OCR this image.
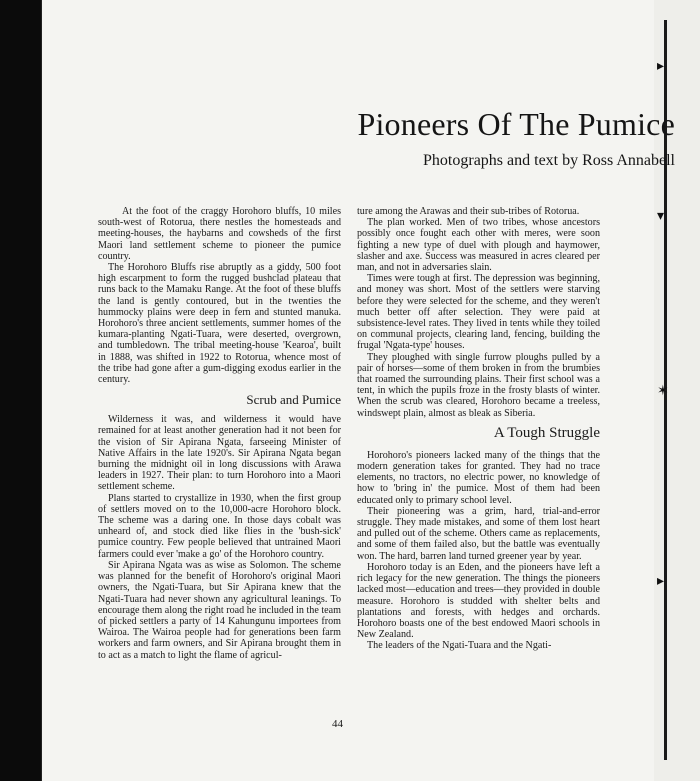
▸
▾
✶
▸
Pioneers Of The Pumice

Photographs and text by Ross Annabell

At the foot of the craggy Horohoro bluffs, 10 miles south-west of Rotorua, there nestles the homesteads and meeting-houses, the haybarns and cowsheds of the first Maori land settlement scheme to pioneer the pumice country.

The Horohoro Bluffs rise abruptly as a giddy, 500 foot high escarpment to form the rugged bushclad plateau that runs back to the Mamaku Range. At the foot of these bluffs the land is gently contoured, but in the twenties the hummocky plains were deep in fern and stunted manuka. Horohoro's three ancient settlements, summer homes of the kumara-planting Ngati-Tuara, were deserted, overgrown, and tumbledown. The tribal meeting-house 'Kearoa', built in 1888, was shifted in 1922 to Rotorua, whence most of the tribe had gone after a gum-digging exodus earlier in the century.

Scrub and Pumice

Wilderness it was, and wilderness it would have remained for at least another generation had it not been for the vision of Sir Apirana Ngata, farseeing Minister of Native Affairs in the late 1920's. Sir Apirana Ngata began burning the midnight oil in long discussions with Arawa leaders in 1927. Their plan: to turn Horohoro into a Maori settlement scheme.

Plans started to crystallize in 1930, when the first group of settlers moved on to the 10,000-acre Horohoro block. The scheme was a daring one. In those days cobalt was unheard of, and stock died like flies in the 'bush-sick' pumice country. Few people believed that untrained Maori farmers could ever 'make a go' of the Horohoro country.

Sir Apirana Ngata was as wise as Solomon. The scheme was planned for the benefit of Horohoro's original Maori owners, the Ngati-Tuara, but Sir Apirana knew that the Ngati-Tuara had never shown any agricultural leanings. To encourage them along the right road he included in the team of picked settlers a party of 14 Kahungunu importees from Wairoa. The Wairoa people had for generations been farm workers and farm owners, and Sir Apirana brought them in to act as a match to light the flame of agricul-

ture among the Arawas and their sub-tribes of Rotorua.

The plan worked. Men of two tribes, whose ancestors possibly once fought each other with meres, were soon fighting a new type of duel with plough and haymower, slasher and axe. Success was measured in acres cleared per man, and not in adversaries slain.

Times were tough at first. The depression was beginning, and money was short. Most of the settlers were starving before they were selected for the scheme, and they weren't much better off after selection. They were paid at subsistence-level rates. They lived in tents while they toiled on communal projects, clearing land, fencing, building the frugal 'Ngata-type' houses.

They ploughed with single furrow ploughs pulled by a pair of horses—some of them broken in from the brumbies that roamed the surrounding plains. Their first school was a tent, in which the pupils froze in the frosty blasts of winter. When the scrub was cleared, Horohoro became a treeless, windswept plain, almost as bleak as Siberia.

A Tough Struggle

Horohoro's pioneers lacked many of the things that the modern generation takes for granted. They had no trace elements, no tractors, no electric power, no knowledge of how to 'bring in' the pumice. Most of them had been educated only to primary school level.

Their pioneering was a grim, hard, trial-and-error struggle. They made mistakes, and some of them lost heart and pulled out of the scheme. Others came as replacements, and some of them failed also, but the battle was eventually won. The hard, barren land turned greener year by year.

Horohoro today is an Eden, and the pioneers have left a rich legacy for the new generation. The things the pioneers lacked most—education and trees—they provided in double measure. Horohoro is studded with shelter belts and plantations and forests, with hedges and orchards. Horohoro boasts one of the best endowed Maori schools in New Zealand.

The leaders of the Ngati-Tuara and the Ngati-

44
